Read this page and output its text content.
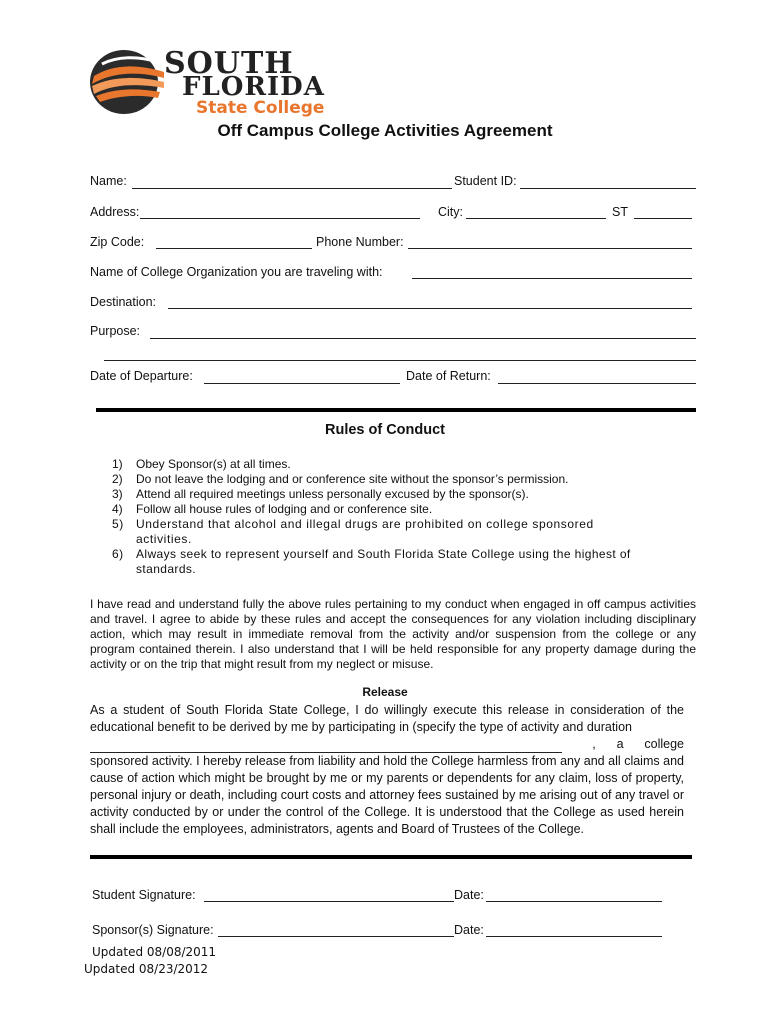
SOUTH
FLORIDA
State College
Off Campus College Activities Agreement
Name:	Student ID:
Address:	City:	ST
Zip Code:	Phone Number:
Name of College Organization you are traveling with:
Destination:
Purpose:
Date of Departure:	Date of Return:
Rules of Conduct
1) Obey Sponsor(s) at all times.
2) Do not leave the lodging and or conference site without the sponsor’s permission.
3) Attend all required meetings unless personally excused by the sponsor(s).
4) Follow all house rules of lodging and or conference site.
5) Understand that alcohol and illegal drugs are prohibited on college sponsored activities.
6) Always seek to represent yourself and South Florida State College using the highest of standards.
I have read and understand fully the above rules pertaining to my conduct when engaged in off campus activities and travel. I agree to abide by these rules and accept the consequences for any violation including disciplinary action, which may result in immediate removal from the activity and/or suspension from the college or any program contained therein. I also understand that I will be held responsible for any property damage during the activity or on the trip that might result from my neglect or misuse.
Release
As a student of South Florida State College, I do willingly execute this release in consideration of the educational benefit to be derived by me by participating in (specify the type of activity and duration
,      a      college
sponsored activity. I hereby release from liability and hold the College harmless from any and all claims and cause of action which might be brought by me or my parents or dependents for any claim, loss of property, personal injury or death, including court costs and attorney fees sustained by me arising out of any travel or activity conducted by or under the control of the College. It is understood that the College as used herein shall include the employees, administrators, agents and Board of Trustees of the College.
Student Signature:	Date:
Sponsor(s) Signature:	Date:
Updated 08/08/2011
Updated 08/23/2012
